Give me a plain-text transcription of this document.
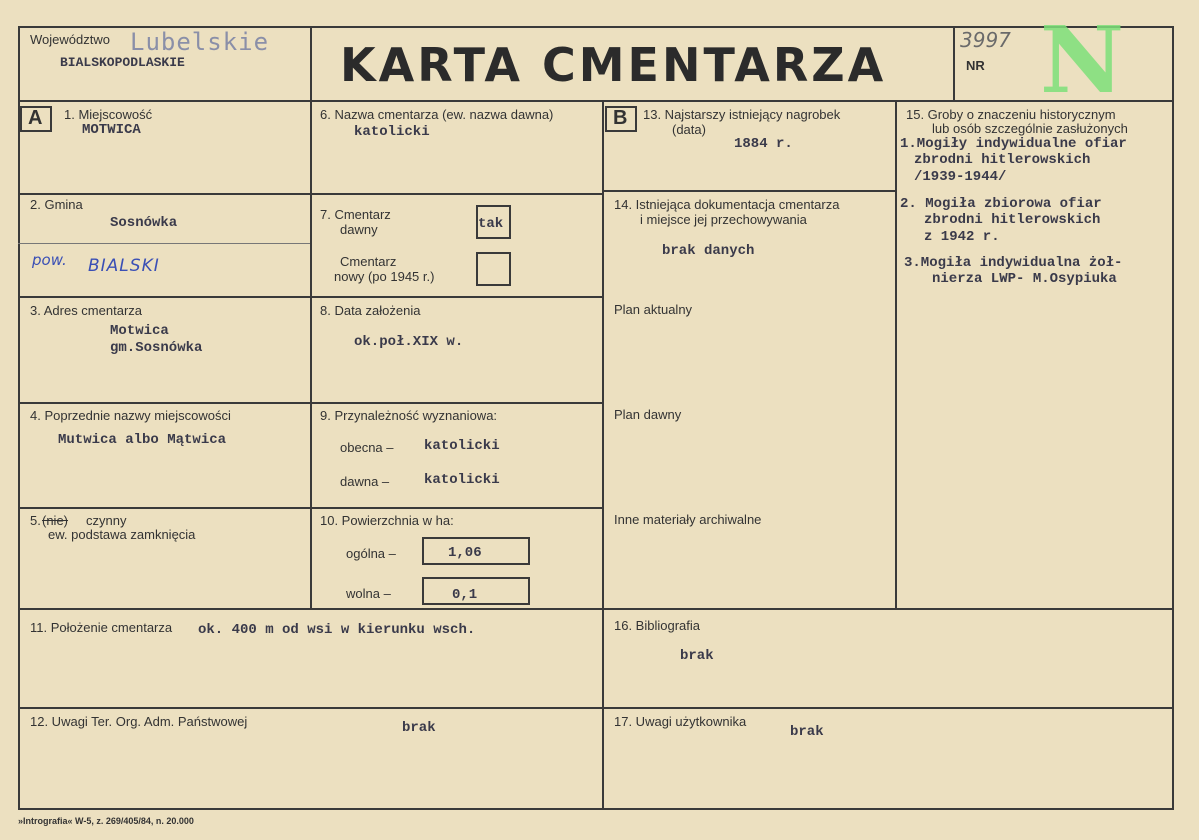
Województwo Lubelskie
BIALSKOPODLASKIE	KARTA CMENTARZA	3997
NR N
A	B
1. Miejscowość
MOTWICA
2. Gmina
Sosnówka
pow. BIALSKI
3. Adres cmentarza
Motwica
gm.Sosnówka
4. Poprzednie nazwy miejscowości
Mutwica albo Mątwica
5. (nie) czynny
ew. podstawa zamknięcia
6. Nazwa cmentarza (ew. nazwa dawna)
katolicki
7. Cmentarz
dawny	tak
Cmentarz
nowy (po 1945 r.)
8. Data założenia
ok.poł.XIX w.
9. Przynależność wyznaniowa:
obecna – katolicki
dawna – katolicki
10. Powierzchnia w ha:
ogólna –	1,06
wolna –	0,1
11. Położenie cmentarza ok. 400 m od wsi w kierunku wsch.
12. Uwagi Ter. Org. Adm. Państwowej	brak
13. Najstarszy istniejący nagrobek
(data)
1884 r.
14. Istniejąca dokumentacja cmentarza
i miejsce jej przechowywania
brak danych
Plan aktualny
Plan dawny
Inne materiały archiwalne
15. Groby o znaczeniu historycznym
lub osób szczególnie zasłużonych
1.Mogiły indywidualne ofiar
zbrodni hitlerowskich
/1939-1944/
2. Mogiła zbiorowa ofiar
zbrodni hitlerowskich
z 1942 r.
3.Mogiła indywidualna żoł-
nierza LWP- M.Osypiuka
16. Bibliografia
brak
17. Uwagi użytkownika
brak
»Intrografia« W-5, z. 269/405/84, n. 20.000
